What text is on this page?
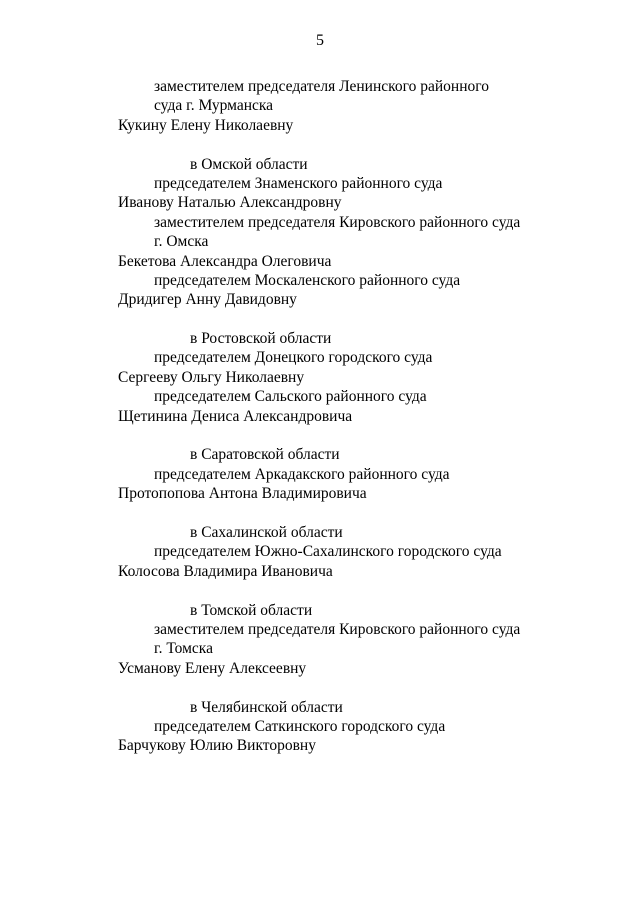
5
заместителем председателя Ленинского районного
суда г. Мурманска
Кукину Елену Николаевну
в Омской области
председателем Знаменского районного суда
Иванову Наталью Александровну
заместителем председателя Кировского районного суда
г. Омска
Бекетова Александра Олеговича
председателем Москаленского районного суда
Дридигер Анну Давидовну
в Ростовской области
председателем Донецкого городского суда
Сергееву Ольгу Николаевну
председателем Сальского районного суда
Щетинина Дениса Александровича
в Саратовской области
председателем Аркадакского районного суда
Протопопова Антона Владимировича
в Сахалинской области
председателем Южно-Сахалинского городского суда
Колосова Владимира Ивановича
в Томской области
заместителем председателя Кировского районного суда
г. Томска
Усманову Елену Алексеевну
в Челябинской области
председателем Саткинского городского суда
Барчукову Юлию Викторовну
